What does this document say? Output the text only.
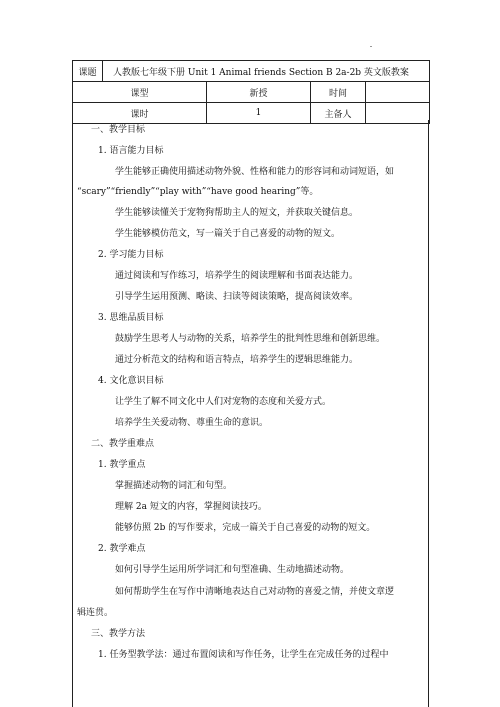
课题	人教版七年级下册 Unit 1 Animal friends Section B 2a-2b 英文版教案			
课型		新授	时间	
课时		1	主备人	
一、教学目标
1. 语言能力目标
学生能够正确使用描述动物外貌、性格和能力的形容词和动词短语，如
“scary”“friendly”“play with”“have good hearing”等。
学生能够读懂关于宠物狗帮助主人的短文，并获取关键信息。
学生能够模仿范文，写一篇关于自己喜爱的动物的短文。
2. 学习能力目标
通过阅读和写作练习，培养学生的阅读理解和书面表达能力。
引导学生运用预测、略读、扫读等阅读策略，提高阅读效率。
3. 思维品质目标
鼓励学生思考人与动物的关系，培养学生的批判性思维和创新思维。
通过分析范文的结构和语言特点，培养学生的逻辑思维能力。
4. 文化意识目标
让学生了解不同文化中人们对宠物的态度和关爱方式。
培养学生关爱动物、尊重生命的意识。
二、教学重难点
1. 教学重点
掌握描述动物的词汇和句型。
理解 2a 短文的内容，掌握阅读技巧。
能够仿照 2b 的写作要求，完成一篇关于自己喜爱的动物的短文。
2. 教学难点
如何引导学生运用所学词汇和句型准确、生动地描述动物。
如何帮助学生在写作中清晰地表达自己对动物的喜爱之情，并使文章逻
辑连贯。
三、教学方法
1. 任务型教学法：通过布置阅读和写作任务，让学生在完成任务的过程中
